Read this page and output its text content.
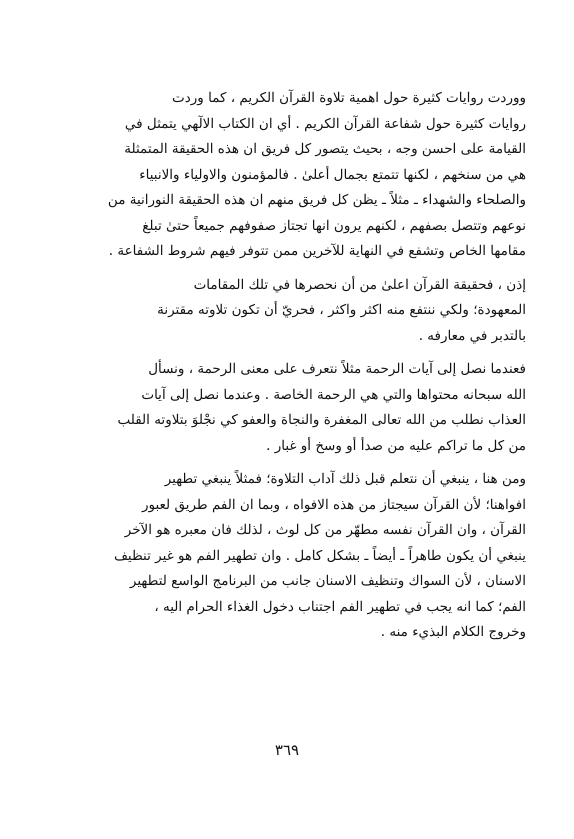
ووردت روايات كثيرة حول اهمية تلاوة القرآن الكريم ، كما وردت
روايات كثيرة حول شفاعة القرآن الكريم . أي ان الكتاب الالٓهي يتمثل في
القيامة على احسن وجه ، بحيث يتصور كل فريق ان هذه الحقيقة المتمثلة
هي من سنخهم ، لكنها تتمتع بجمال أعلىٰ . فالمؤمنون والاولياء والانبياء
والصلحاء والشهداء ـ مثلاً ـ يظن كل فريق منهم ان هذه الحقيقة النورانية من
نوعهم وتتصل بصفهم ، لكنهم يرون انها تجتاز صفوفهم جميعاً حتىٰ تبلغ
مقامها الخاص وتشفع في النهاية للآخرين ممن تتوفر فيهم شروط الشفاعة .

إذن ، فحقيقة القرآن اعلىٰ من أن نحصرها في تلك المقامات
المعهودة؛ ولكي ننتفع منه اكثر واكثر ، فحريّ أن تكون تلاوته مقترنة
بالتدبر في معارفه .

فعندما نصل إلى آيات الرحمة مثلاً نتعرف على معنى الرحمة ، ونسأل
الله سبحانه محتواها والتي هي الرحمة الخاصة . وعندما نصل إلى آيات
العذاب نطلب من الله تعالى المغفرة والنجاة والعفو كي نجْلوَ بتلاوته القلب
من كل ما تراكم عليه من صدأ أو وسخ أو غبار .

ومن هنا ، ينبغي أن نتعلم قبل ذلك آداب التلاوة؛ فمثلاً ينبغي تطهير
افواهنا؛ لأن القرآن سيجتاز من هذه الافواه ، وبما ان الفم طريق لعبور
القرآن ، وان القرآن نفسه مطهّر من كل لوث ، لذلك فان معبره هو الآخر
ينبغي أن يكون طاهراً ـ أيضاً ـ بشكل كامل . وان تطهير الفم هو غير تنظيف
الاسنان ، لأن السواك وتنظيف الاسنان جانب من البرنامج الواسع لتطهير
الفم؛ كما انه يجب في تطهير الفم اجتناب دخول الغذاء الحرام اليه ،
وخروج الكلام البذيء منه .

٣٦٩
